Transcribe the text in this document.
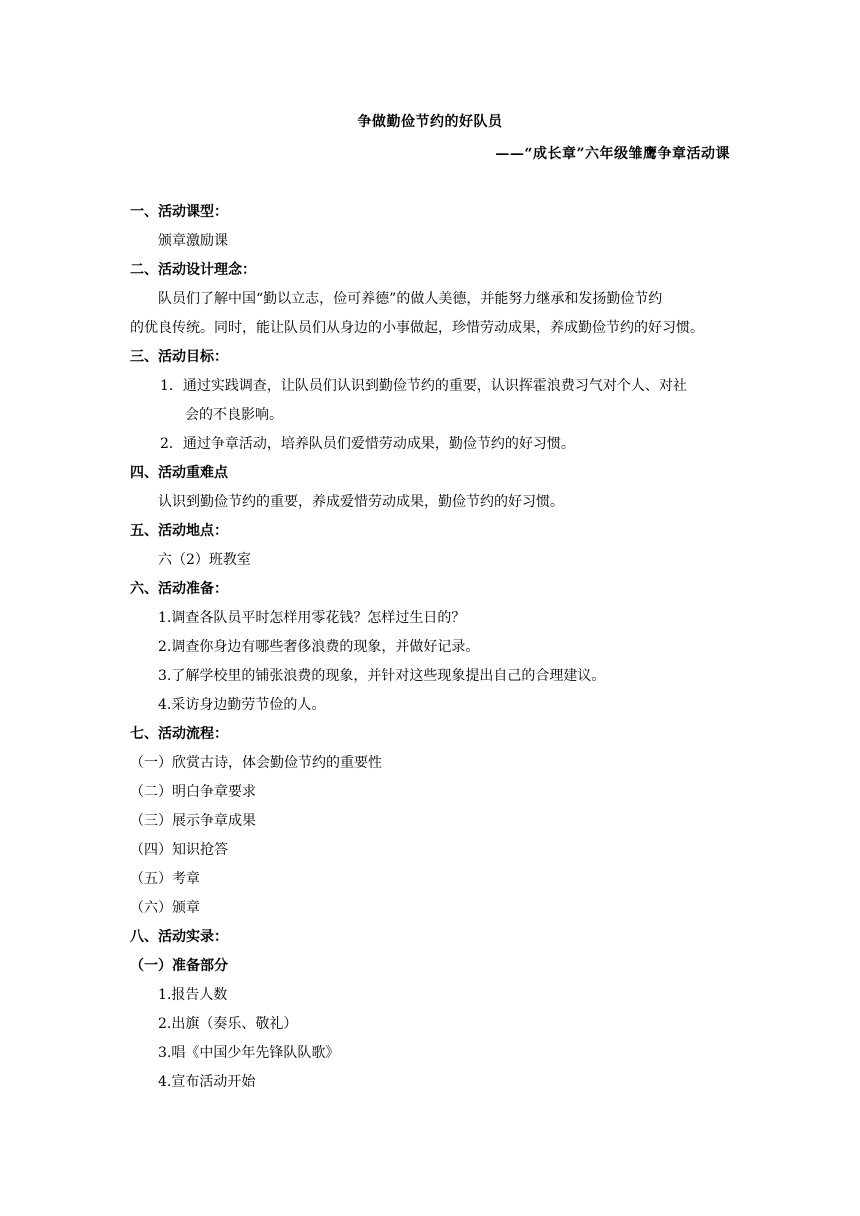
争做勤俭节约的好队员
——“成长章”六年级雏鹰争章活动课
一、活动课型：
颁章激励课
二、活动设计理念：
队员们了解中国“勤以立志，俭可养德”的做人美德，并能努力继承和发扬勤俭节约
的优良传统。同时，能让队员们从身边的小事做起，珍惜劳动成果，养成勤俭节约的好习惯。
三、活动目标：
1．通过实践调查，让队员们认识到勤俭节约的重要，认识挥霍浪费习气对个人、对社
会的不良影响。
2．通过争章活动，培养队员们爱惜劳动成果，勤俭节约的好习惯。
四、活动重难点
认识到勤俭节约的重要，养成爱惜劳动成果，勤俭节约的好习惯。
五、活动地点：
六（2）班教室
六、活动准备：
1.调查各队员平时怎样用零花钱？怎样过生日的？
2.调查你身边有哪些奢侈浪费的现象，并做好记录。
3.了解学校里的铺张浪费的现象，并针对这些现象提出自己的合理建议。
4.采访身边勤劳节俭的人。
七、活动流程：
（一）欣赏古诗，体会勤俭节约的重要性
（二）明白争章要求
（三）展示争章成果
（四）知识抢答
（五）考章
（六）颁章
八、活动实录：
（一）准备部分
1.报告人数
2.出旗（奏乐、敬礼）
3.唱《中国少年先锋队队歌》
4.宣布活动开始
